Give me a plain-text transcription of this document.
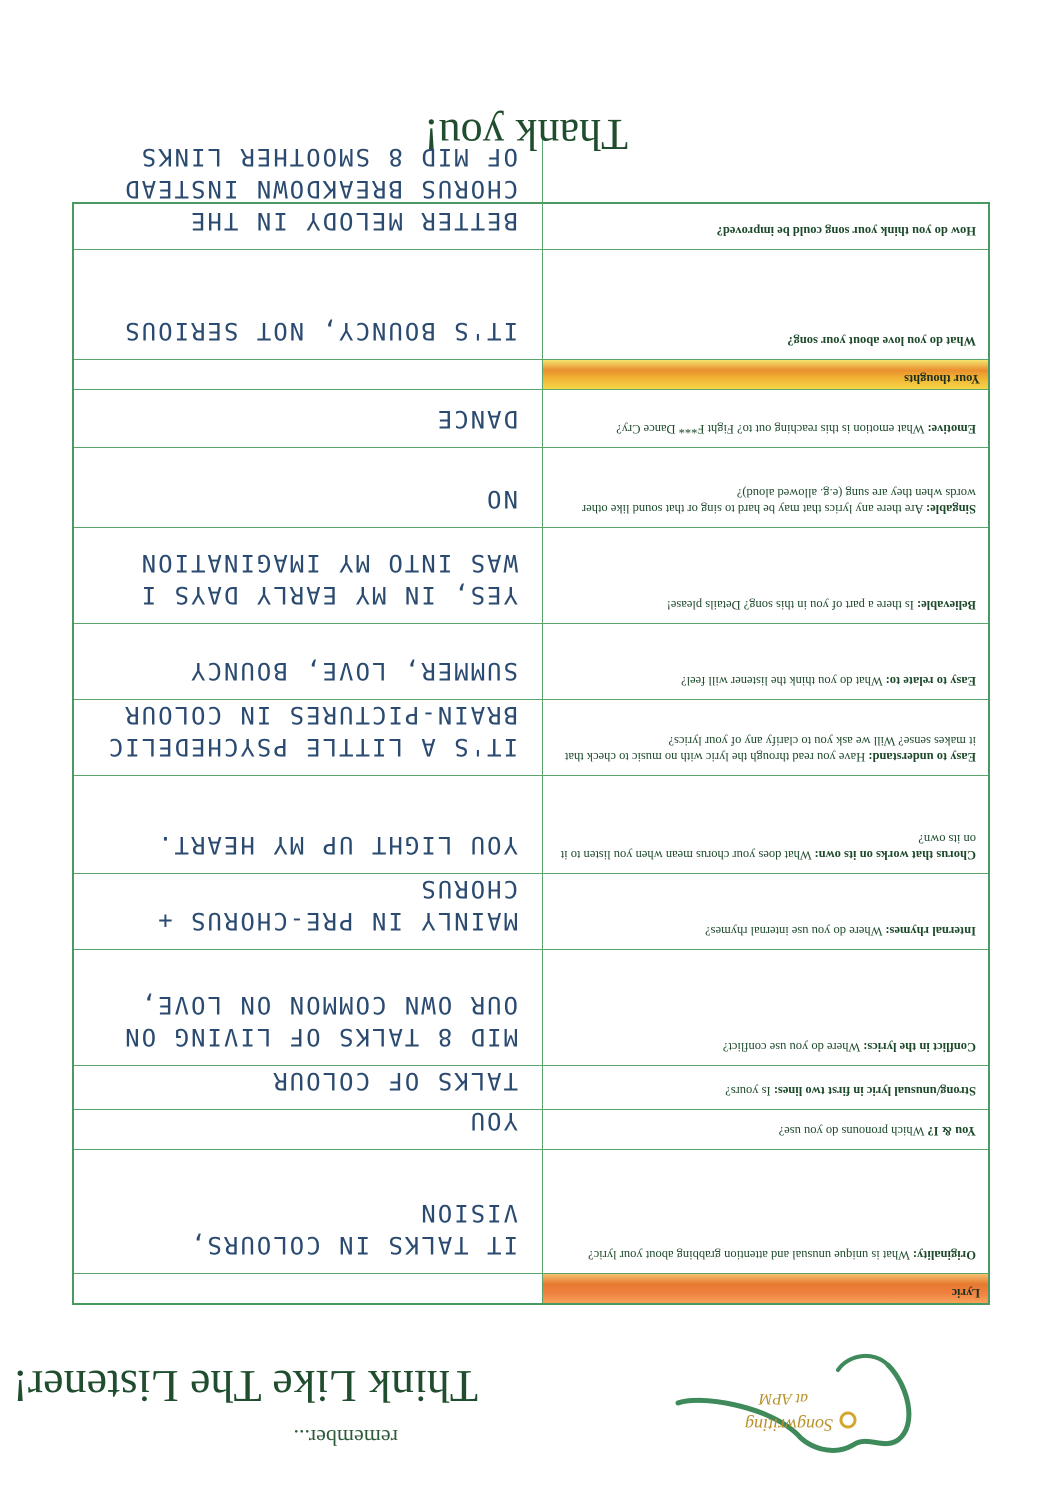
Songwriting
at APM
remember...
Think Like The Listener!
Lyric
Originality: What is unique unusual and attention grabbing about your lyric?
IT TALKS IN COLOURS, VISION
You & I? Which pronouns do you use?
YOU
Strong/unusual lyric in first two lines: Is yours?
TALKS OF COLOUR
Conflict in the lyrics: Where do you use conflict?
MID 8 TALKS OF LIVING ON OUR OWN COMMON ON LOVE,
Internal rhymes: Where do you use internal rhymes?
MAINLY IN PRE-CHORUS + CHORUS
Chorus that works on its own: What does your chorus mean when you listen to it on its own?
YOU LIGHT UP MY HEART.
Easy to understand: Have you read through the lyric with no music to check that it makes sense? Will we ask you to clarify any of your lyrics?
IT'S A LITTLE PSYCHEDELIC BRAIN-PICTURES IN COLOUR
Easy to relate to: What do you think the listener will feel?
SUMMER, LOVE, BOUNCY
Believable: Is there a part of you in this song? Details please!
YES, IN MY EARLY DAYS I WAS INTO MY IMAGINATION
Singable: Are there any lyrics that may be hard to sing or that sound like other words when they are sung (e.g. allowed aloud)?
NO
Emotive: What emotion is this reaching out to? Fight F*** Dance Cry?
DANCE
Your thoughts
What do you love about your song?
IT'S BOUNCY, NOT SERIOUS
How do you think your song could be improved?
BETTER MELODY IN THE CHORUS BREAKDOWN INSTEAD OF MID 8 SMOOTHER LINKS
Thank you!
